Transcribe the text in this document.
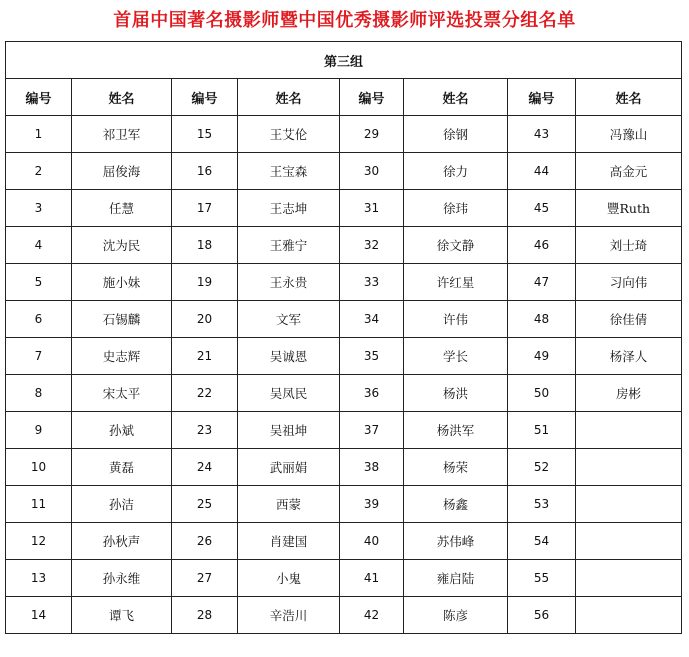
首届中国著名摄影师暨中国优秀摄影师评选投票分组名单
第三组							
编号	姓名	编号	姓名	编号	姓名	编号	姓名
1	祁卫军	15	王艾伦	29	徐钢	43	冯豫山
2	屈俊海	16	王宝森	30	徐力	44	高金元
3	任慧	17	王志坤	31	徐玮	45	豐Ruth
4	沈为民	18	王雅宁	32	徐文静	46	刘士琦
5	施小妹	19	王永贵	33	许红星	47	习向伟
6	石锡麟	20	文军	34	许伟	48	徐佳倩
7	史志辉	21	吴诚恩	35	学长	49	杨泽人
8	宋太平	22	吴凤民	36	杨洪	50	房彬
9	孙斌	23	吴祖坤	37	杨洪军	51	
10	黄磊	24	武丽娟	38	杨荣	52	
11	孙洁	25	西蒙	39	杨鑫	53	
12	孙秋声	26	肖建国	40	苏伟峰	54	
13	孙永维	27	小鬼	41	雍启陆	55	
14	谭飞	28	辛浩川	42	陈彦	56	
